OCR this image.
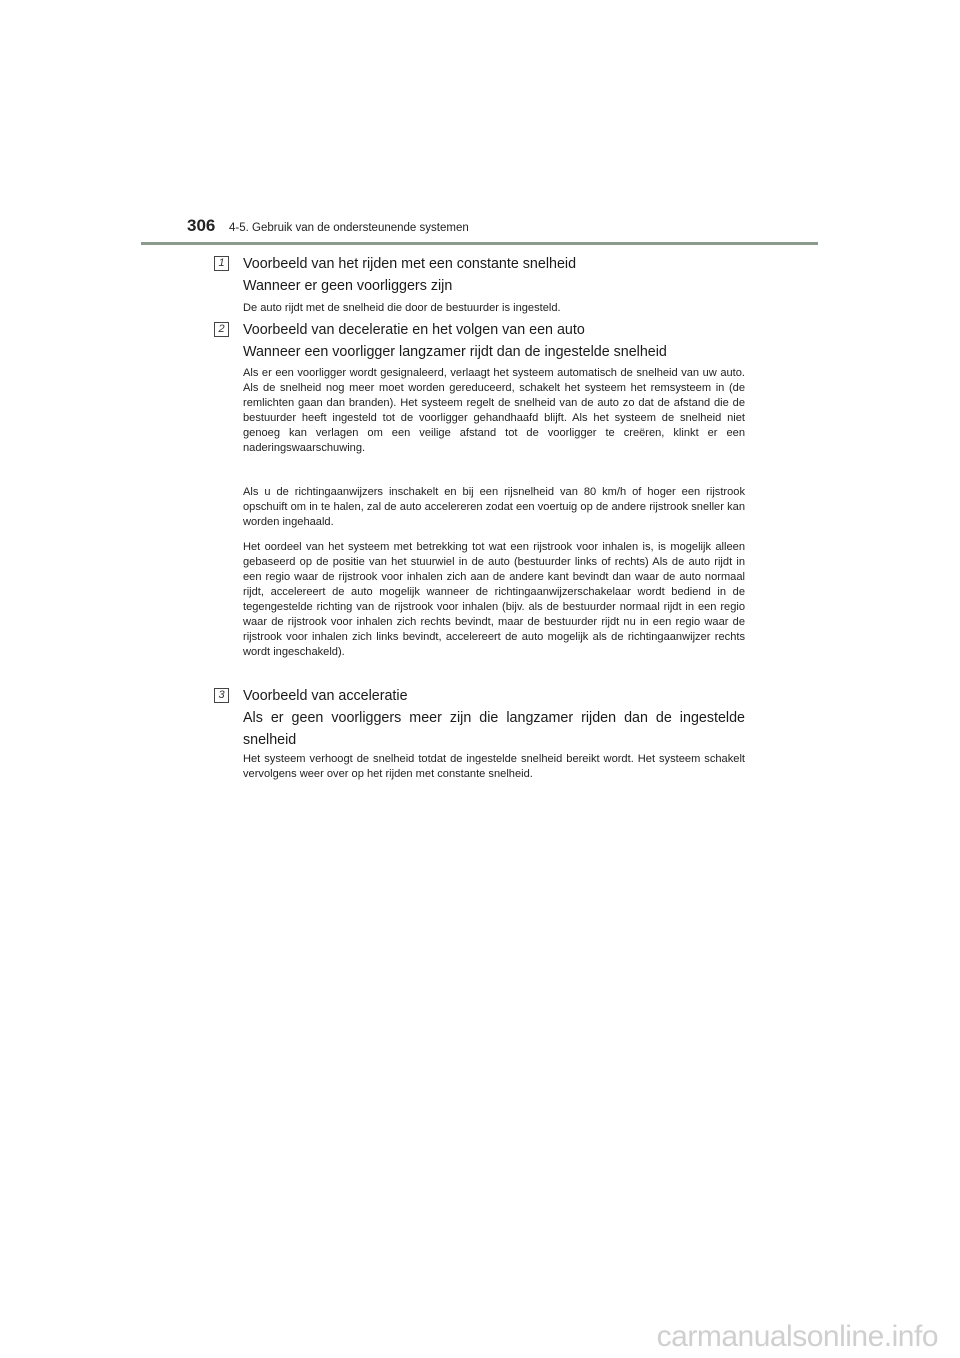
306 4-5. Gebruik van de ondersteunende systemen
1	Voorbeeld van het rijden met een constante snelheid
Wanneer er geen voorliggers zijn
De auto rijdt met de snelheid die door de bestuurder is ingesteld.
2	Voorbeeld van deceleratie en het volgen van een auto
Wanneer een voorligger langzamer rijdt dan de ingestelde snelheid
Als er een voorligger wordt gesignaleerd, verlaagt het systeem automatisch de snelheid van uw auto. Als de snelheid nog meer moet worden gereduceerd, schakelt het systeem het remsysteem in (de remlichten gaan dan branden). Het systeem regelt de snelheid van de auto zo dat de afstand die de bestuurder heeft ingesteld tot de voorligger gehandhaafd blijft. Als het systeem de snelheid niet genoeg kan verlagen om een veilige afstand tot de voorligger te creëren, klinkt er een naderingswaarschuwing.
Als u de richtingaanwijzers inschakelt en bij een rijsnelheid van 80 km/h of hoger een rijstrook opschuift om in te halen, zal de auto accelereren zodat een voertuig op de andere rijstrook sneller kan worden ingehaald.
Het oordeel van het systeem met betrekking tot wat een rijstrook voor inhalen is, is mogelijk alleen gebaseerd op de positie van het stuurwiel in de auto (bestuurder links of rechts) Als de auto rijdt in een regio waar de rijstrook voor inhalen zich aan de andere kant bevindt dan waar de auto normaal rijdt, accelereert de auto mogelijk wanneer de richtingaanwijzerschakelaar wordt bediend in de tegengestelde richting van de rijstrook voor inhalen (bijv. als de bestuurder normaal rijdt in een regio waar de rijstrook voor inhalen zich rechts bevindt, maar de bestuurder rijdt nu in een regio waar de rijstrook voor inhalen zich links bevindt, accelereert de auto mogelijk als de richtingaanwijzer rechts wordt ingeschakeld).
3	Voorbeeld van acceleratie
Als er geen voorliggers meer zijn die langzamer rijden dan de ingestelde snelheid
Het systeem verhoogt de snelheid totdat de ingestelde snelheid bereikt wordt. Het systeem schakelt vervolgens weer over op het rijden met constante snelheid.
carmanualsonline.info
